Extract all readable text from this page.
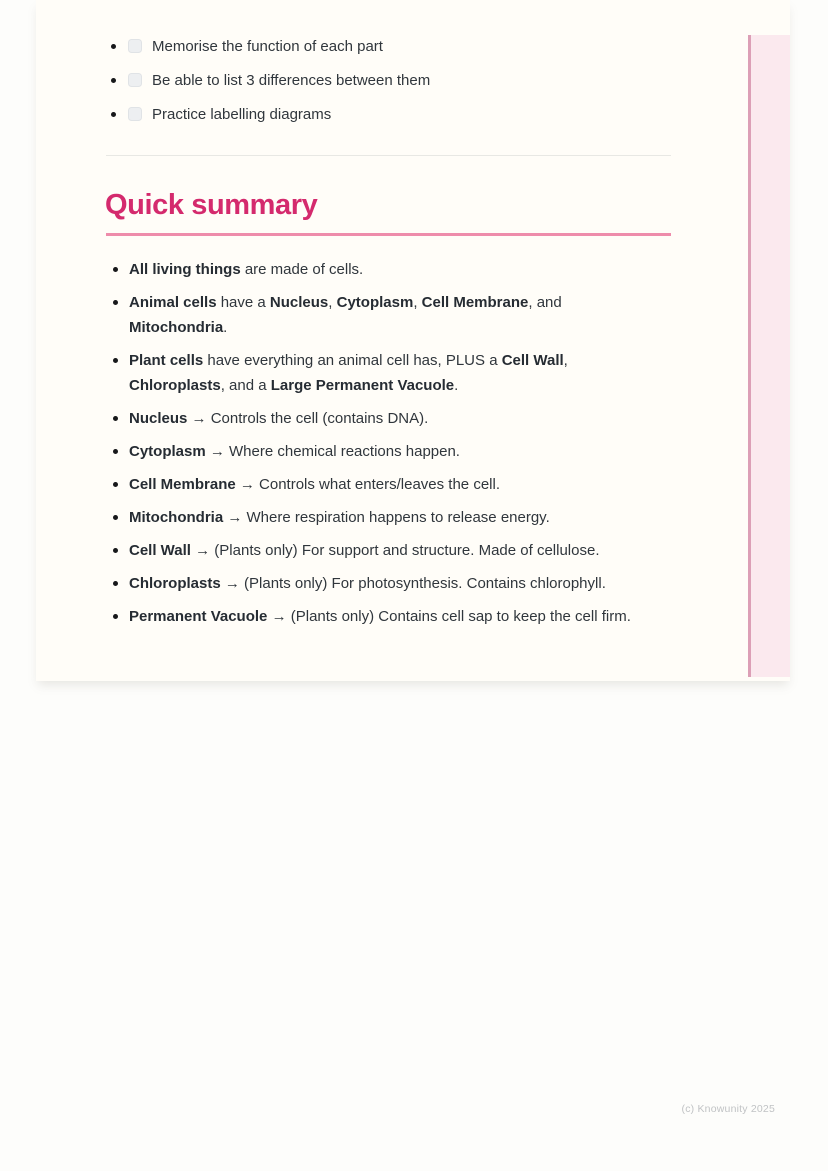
Memorise the function of each part
Be able to list 3 differences between them
Practice labelling diagrams
Quick summary
All living things are made of cells.
Animal cells have a Nucleus, Cytoplasm, Cell Membrane, and
Mitochondria.
Plant cells have everything an animal cell has, PLUS a Cell Wall,
Chloroplasts, and a Large Permanent Vacuole.
Nucleus → Controls the cell (contains DNA).
Cytoplasm → Where chemical reactions happen.
Cell Membrane → Controls what enters/leaves the cell.
Mitochondria → Where respiration happens to release energy.
Cell Wall → (Plants only) For support and structure. Made of cellulose.
Chloroplasts → (Plants only) For photosynthesis. Contains chlorophyll.
Permanent Vacuole → (Plants only) Contains cell sap to keep the cell firm.
(c) Knowunity 2025
